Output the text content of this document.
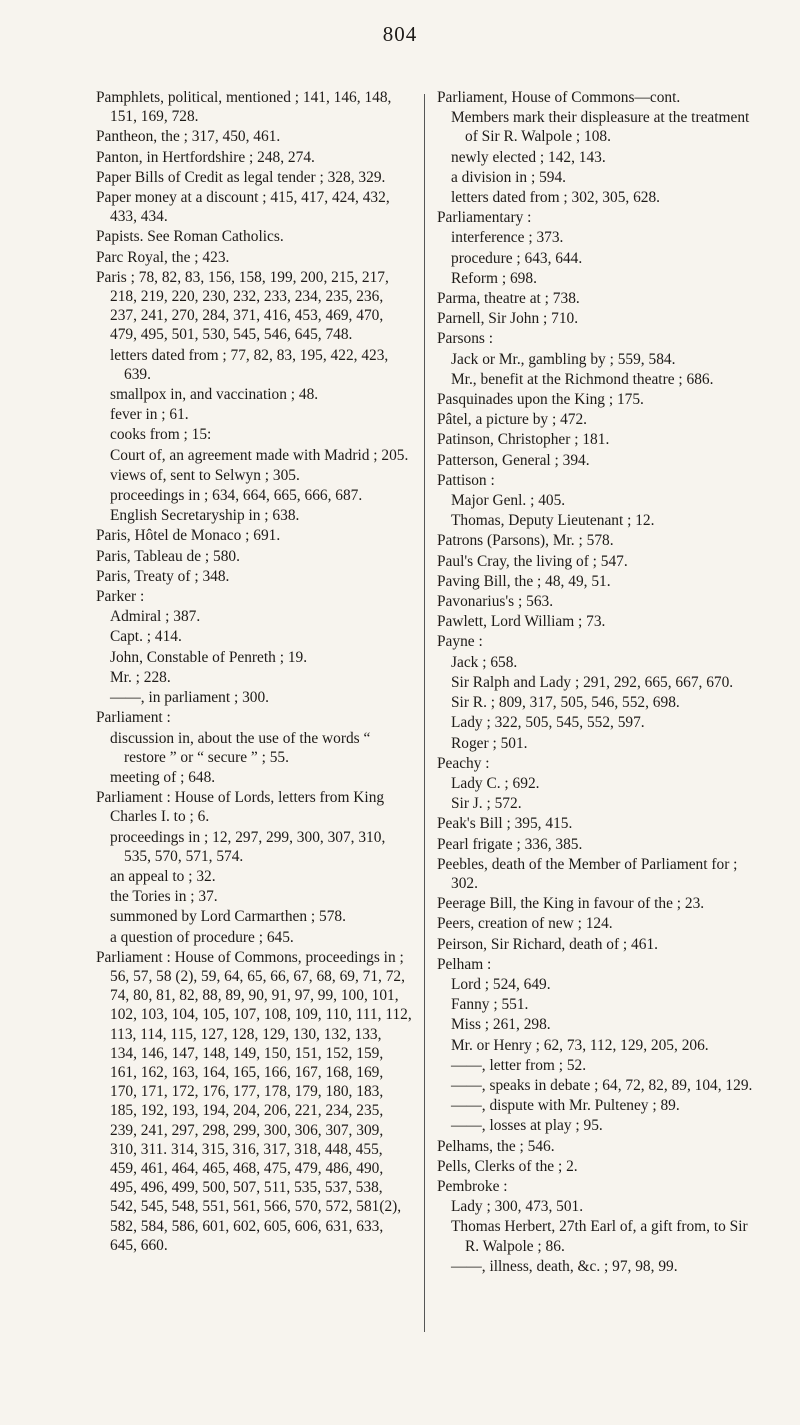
804
Pamphlets, political, mentioned ; 141, 146, 148, 151, 169, 728.
Pantheon, the ; 317, 450, 461.
Panton, in Hertfordshire ; 248, 274.
Paper Bills of Credit as legal tender ; 328, 329.
Paper money at a discount ; 415, 417, 424, 432, 433, 434.
Papists. See Roman Catholics.
Parc Royal, the ; 423.
Paris ; 78, 82, 83, 156, 158, 199, 200, 215, 217, 218, 219, 220, 230, 232, 233, 234, 235, 236, 237, 241, 270, 284, 371, 416, 453, 469, 470, 479, 495, 501, 530, 545, 546, 645, 748.
letters dated from ; 77, 82, 83, 195, 422, 423, 639.
smallpox in, and vaccination ; 48.
fever in ; 61.
cooks from ; 15:
Court of, an agreement made with Madrid ; 205.
views of, sent to Selwyn ; 305.
proceedings in ; 634, 664, 665, 666, 687.
English Secretaryship in ; 638.
Paris, Hôtel de Monaco ; 691.
Paris, Tableau de ; 580.
Paris, Treaty of ; 348.
Parker :
Admiral ; 387.
Capt. ; 414.
John, Constable of Penreth ; 19.
Mr. ; 228.
——, in parliament ; 300.
Parliament :
discussion in, about the use of the words “ restore ” or “ secure ” ; 55.
meeting of ; 648.
Parliament : House of Lords, letters from King Charles I. to ; 6.
proceedings in ; 12, 297, 299, 300, 307, 310, 535, 570, 571, 574.
an appeal to ; 32.
the Tories in ; 37.
summoned by Lord Carmarthen ; 578.
a question of procedure ; 645.
Parliament : House of Commons, proceedings in ; 56, 57, 58 (2), 59, 64, 65, 66, 67, 68, 69, 71, 72, 74, 80, 81, 82, 88, 89, 90, 91, 97, 99, 100, 101, 102, 103, 104, 105, 107, 108, 109, 110, 111, 112, 113, 114, 115, 127, 128, 129, 130, 132, 133, 134, 146, 147, 148, 149, 150, 151, 152, 159, 161, 162, 163, 164, 165, 166, 167, 168, 169, 170, 171, 172, 176, 177, 178, 179, 180, 183, 185, 192, 193, 194, 204, 206, 221, 234, 235, 239, 241, 297, 298, 299, 300, 306, 307, 309, 310, 311. 314, 315, 316, 317, 318, 448, 455, 459, 461, 464, 465, 468, 475, 479, 486, 490, 495, 496, 499, 500, 507, 511, 535, 537, 538, 542, 545, 548, 551, 561, 566, 570, 572, 581(2), 582, 584, 586, 601, 602, 605, 606, 631, 633, 645, 660.
Parliament, House of Commons—cont.
Members mark their displeasure at the treatment of Sir R. Walpole ; 108.
newly elected ; 142, 143.
a division in ; 594.
letters dated from ; 302, 305, 628.
Parliamentary :
interference ; 373.
procedure ; 643, 644.
Reform ; 698.
Parma, theatre at ; 738.
Parnell, Sir John ; 710.
Parsons :
Jack or Mr., gambling by ; 559, 584.
Mr., benefit at the Richmond theatre ; 686.
Pasquinades upon the King ; 175.
Pâtel, a picture by ; 472.
Patinson, Christopher ; 181.
Patterson, General ; 394.
Pattison :
Major Genl. ; 405.
Thomas, Deputy Lieutenant ; 12.
Patrons (Parsons), Mr. ; 578.
Paul's Cray, the living of ; 547.
Paving Bill, the ; 48, 49, 51.
Pavonarius's ; 563.
Pawlett, Lord William ; 73.
Payne :
Jack ; 658.
Sir Ralph and Lady ; 291, 292, 665, 667, 670.
Sir R. ; 809, 317, 505, 546, 552, 698.
Lady ; 322, 505, 545, 552, 597.
Roger ; 501.
Peachy :
Lady C. ; 692.
Sir J. ; 572.
Peak's Bill ; 395, 415.
Pearl frigate ; 336, 385.
Peebles, death of the Member of Parliament for ; 302.
Peerage Bill, the King in favour of the ; 23.
Peers, creation of new ; 124.
Peirson, Sir Richard, death of ; 461.
Pelham :
Lord ; 524, 649.
Fanny ; 551.
Miss ; 261, 298.
Mr. or Henry ; 62, 73, 112, 129, 205, 206.
——, letter from ; 52.
——, speaks in debate ; 64, 72, 82, 89, 104, 129.
——, dispute with Mr. Pulteney ; 89.
——, losses at play ; 95.
Pelhams, the ; 546.
Pells, Clerks of the ; 2.
Pembroke :
Lady ; 300, 473, 501.
Thomas Herbert, 27th Earl of, a gift from, to Sir R. Walpole ; 86.
——, illness, death, &c. ; 97, 98, 99.
